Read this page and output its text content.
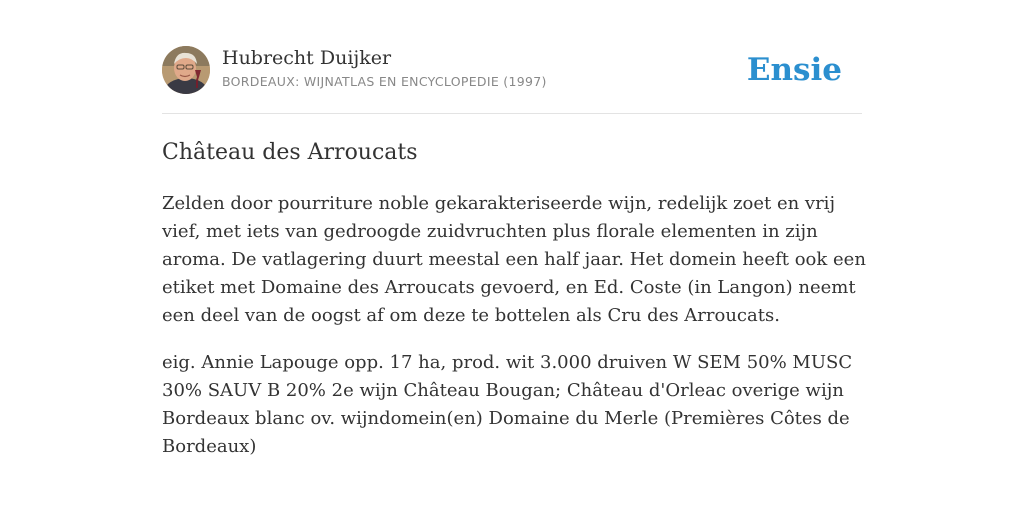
Hubrecht Duijker
BORDEAUX: WIJNATLAS EN ENCYCLOPEDIE (1997)	Ensie
Château des Arroucats

Zelden door pourriture noble gekarakteriseerde wijn, redelijk zoet en vrij vief, met iets van gedroogde zuidvruchten plus florale elementen in zijn aroma. De vatlagering duurt meestal een half jaar. Het domein heeft ook een etiket met Domaine des Arroucats gevoerd, en Ed. Coste (in Langon) neemt een deel van de oogst af om deze te bottelen als Cru des Arroucats.

eig. Annie Lapouge opp. 17 ha, prod. wit 3.000 druiven W SEM 50% MUSC 30% SAUV B 20% 2e wijn Château Bougan; Château d'Orleac overige wijn Bordeaux blanc ov. wijndomein(en) Domaine du Merle (Premières Côtes de Bordeaux)
